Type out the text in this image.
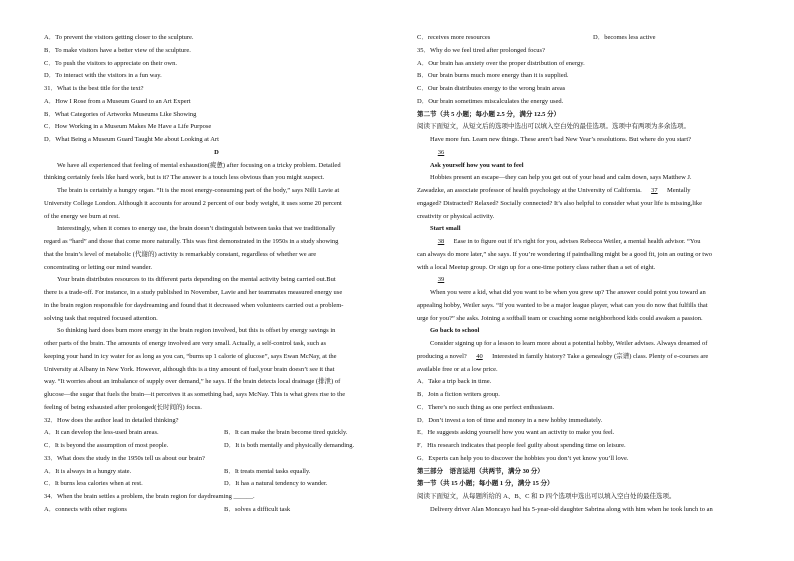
A．To prevent the visitors getting closer to the sculpture.
B．To make visitors have a better view of the sculpture.
C．To push the visitors to appreciate on their own.
D．To interact with the visitors in a fun way.
31．What is the best title for the text?
A．How I Rose from a Museum Guard to an Art Expert
B．What Categories of Artworks Museums Like Showing
C．How Working in a Museum Makes Me Have a Life Purpose
D．What Being a Museum Guard Taught Me about Looking at Art
D
We have all experienced that feeling of mental exhaustion(疲惫) after focusing on a tricky problem. Detailed
thinking certainly feels like hard work, but is it? The answer is a touch less obvious than you might suspect.
The brain is certainly a hungry organ. “It is the most energy-consuming part of the body,” says Nilli Lavie at
University College London. Although it accounts for around 2 percent of our body weight, it uses some 20 percent
of the energy we burn at rest.
Interestingly, when it comes to energy use, the brain doesn’t distinguish between tasks that we traditionally
regard as “hard” and those that come more naturally. This was first demonstrated in the 1950s in a study showing
that the brain’s level of metabolic (代谢的) activity is remarkably constant, regardless of whether we are
concentrating or letting our mind wander.
Your brain distributes resources to its different parts depending on the mental activity being carried out.But
there is a trade-off. For instance, in a study published in November, Lavie and her teammates measured energy use
in the brain region responsible for daydreaming and found that it decreased when volunteers carried out a problem-
solving task that required focused attention.
So thinking hard does burn more energy in the brain region involved, but this is offset by energy savings in
other parts of the brain. The amounts of energy involved are very small. Actually, a self-control task, such as
keeping your hand in icy water for as long as you can, “burns up 1 calorie of glucose”, says Ewan McNay, at the
University at Albany in New York. However, although this is a tiny amount of fuel,your brain doesn’t see it that
way. “It worries about an imbalance of supply over demand,” he says. If the brain detects local drainage (排泄) of
glucose—the sugar that fuels the brain—it perceives it as something bad, says McNay. This is what gives rise to the
feeling of being exhausted after prolonged(长时间的) focus.
32．How does the author lead in detailed thinking?
A．It can develop the less-used brain areas.	B．It can make the brain become tired quickly.
C．It is beyond the assumption of most people.	D．It is both mentally and physically demanding.
33．What does the study in the 1950s tell us about our brain?
A．It is always in a hungry state.	B．It treats mental tasks equally.
C．It burns less calories when at rest.	D．It has a natural tendency to wander.
34．When the brain settles a problem, the brain region for daydreaming ______.
A．connects with other regions	B．solves a difficult task
C．receives more resources	D．becomes less active
35．Why do we feel tired after prolonged focus?
A．Our brain has anxiety over the proper distribution of energy.
B．Our brain burns much more energy than it is supplied.
C．Our brain distributes energy to the wrong brain areas
D．Our brain sometimes miscalculates the energy used.
第二节（共 5 小题；每小题 2.5 分，满分 12.5 分）
阅读下面短文，从短文后的选项中选出可以填入空白处的最佳选项。选项中有两项为多余选项。
Have more fun. Learn new things. These aren’t bad New Year’s resolutions. But where do you start?
36
Ask yourself how you want to feel
Hobbies present an escape—they can help you get out of your head and calm down, says Matthew J.
Zawadzke, an associate professor of health psychology at the University of California. 37 Mentally
engaged? Distracted? Relaxed? Socially connected? It’s also helpful to consider what your life is missing,like
creativity or physical activity.
Start small
38 Ease in to figure out if it’s right for you, advises Rebecca Weiler, a mental health advisor. “You
can always do more later,” she says. If you’re wondering if paintballing might be a good fit, join an outing or two
with a local Meetup group. Or sign up for a one-time pottery class rather than a set of eight.
39
When you were a kid, what did you want to be when you grew up? The answer could point you toward an
appealing hobby, Weiler says. “If you wanted to be a major league player, what can you do now that fulfills that
urge for you?” she asks. Joining a softball team or coaching some neighborhood kids could awaken a passion.
Go back to school
Consider signing up for a lesson to learn more about a potential hobby, Weiler advises. Always dreamed of
producing a novel? 40 Interested in family history? Take a genealogy (宗谱) class. Plenty of e-courses are
available free or at a low price.
A．Take a trip back in time.
B．Join a fiction writers group.
C．There’s no such thing as one perfect enthusiasm.
D．Don’t invest a ton of time and money in a new hobby immediately.
E．He suggests asking yourself how you want an activity to make you feel.
F．His research indicates that people feel guilty about spending time on leisure.
G．Experts can help you to discover the hobbies you don’t yet know you’ll love.
第三部分　语言运用（共两节，满分 30 分）
第一节（共 15 小题；每小题 1 分，满分 15 分）
阅读下面短文，从每题所给的 A、B、C 和 D 四个选项中选出可以填入空白处的最佳选项。
Delivery driver Alan Moncayo had his 5-year-old daughter Sabrina along with him when he took lunch to an
